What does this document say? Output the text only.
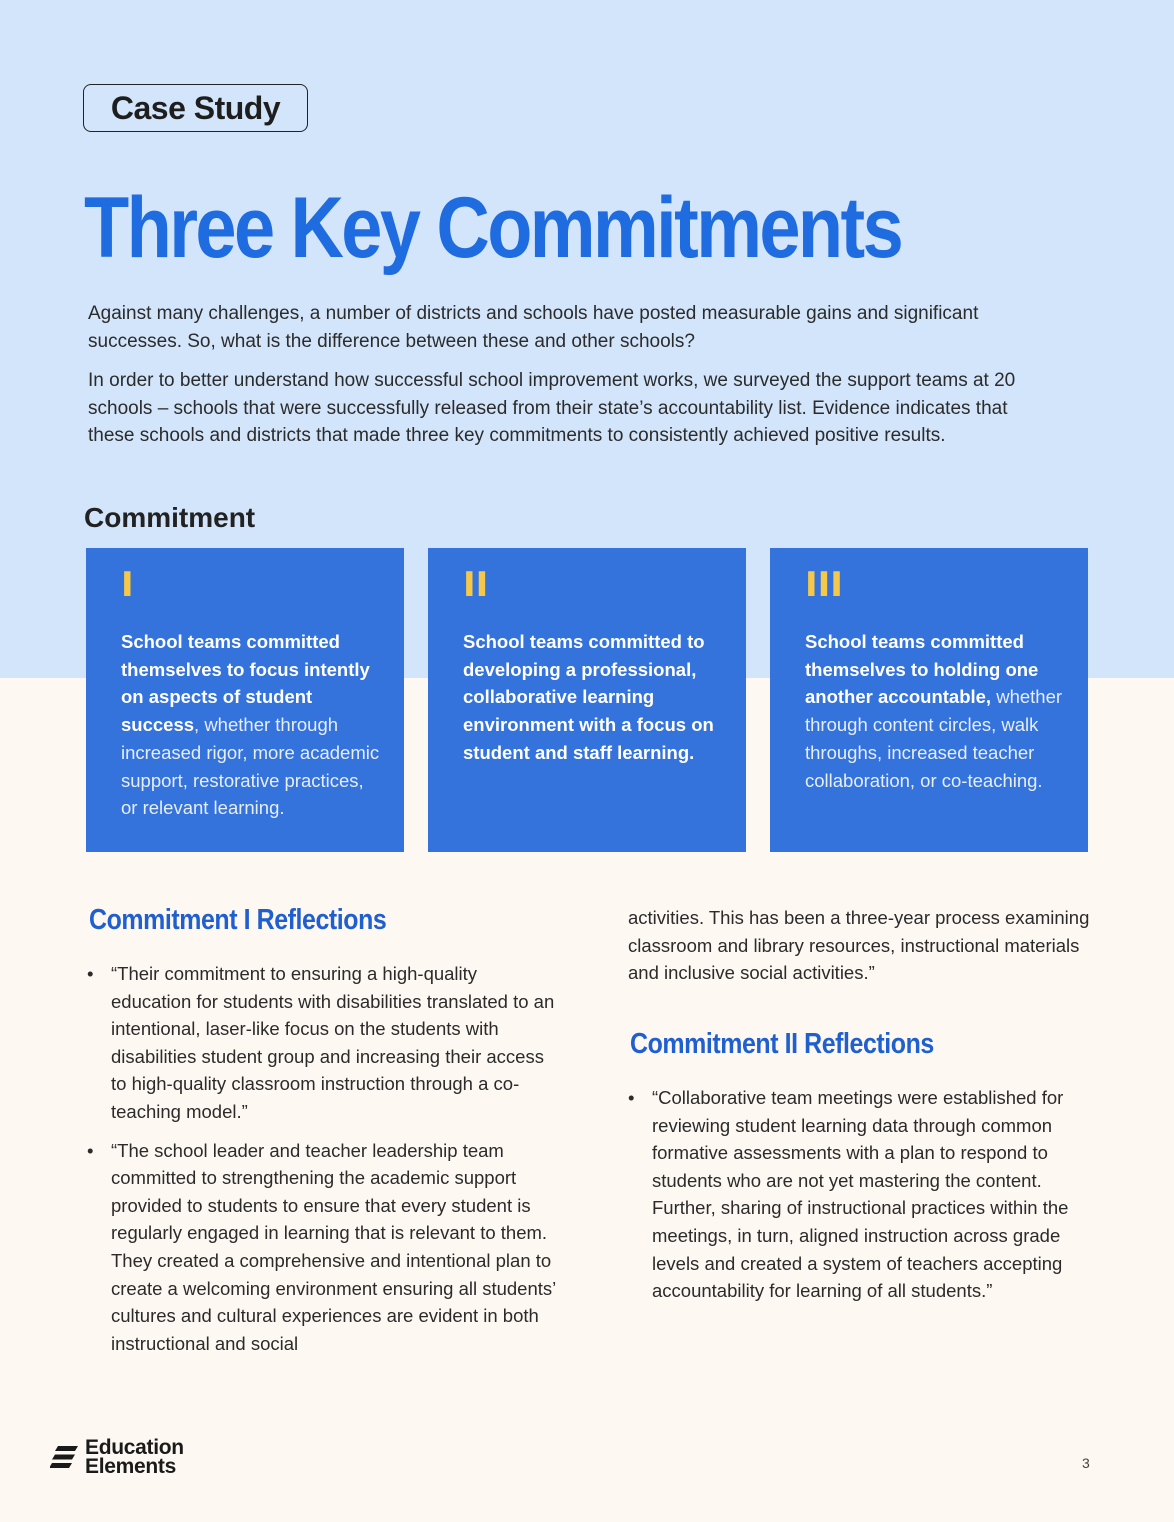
Case Study
Three Key Commitments

Against many challenges, a number of districts and schools have posted measurable gains and significant successes. So, what is the difference between these and other schools?

In order to better understand how successful school improvement works, we surveyed the support teams at 20 schools – schools that were successfully released from their state’s accountability list. Evidence indicates that these schools and districts that made three key commitments to consistently achieved positive results.

Commitment
I

School teams committed themselves to focus intently on aspects of student success, whether through increased rigor, more academic support, restorative practices, or relevant learning.

II

School teams committed to developing a professional, collaborative learning environment with a focus on student and staff learning.

III

School teams committed themselves to holding one another accountable, whether through content circles, walk throughs, increased teacher collaboration, or co-teaching.

Commitment I Reflections
• “Their commitment to ensuring a high-quality education for students with disabilities translated to an intentional, laser-like focus on the students with disabilities student group and increasing their access to high-quality classroom instruction through a co-teaching model.”
• “The school leader and teacher leadership team committed to strengthening the academic support provided to students to ensure that every student is regularly engaged in learning that is relevant to them. They created a comprehensive and intentional plan to create a welcoming environment ensuring all students’ cultures and cultural experiences are evident in both instructional and social

activities. This has been a three-year process examining classroom and library resources, instructional materials and inclusive social activities.”

Commitment II Reflections
• “Collaborative team meetings were established for reviewing student learning data through common formative assessments with a plan to respond to students who are not yet mastering the content. Further, sharing of instructional practices within the meetings, in turn, aligned instruction across grade levels and created a system of teachers accepting accountability for learning of all students.”
Education
Elements	3
